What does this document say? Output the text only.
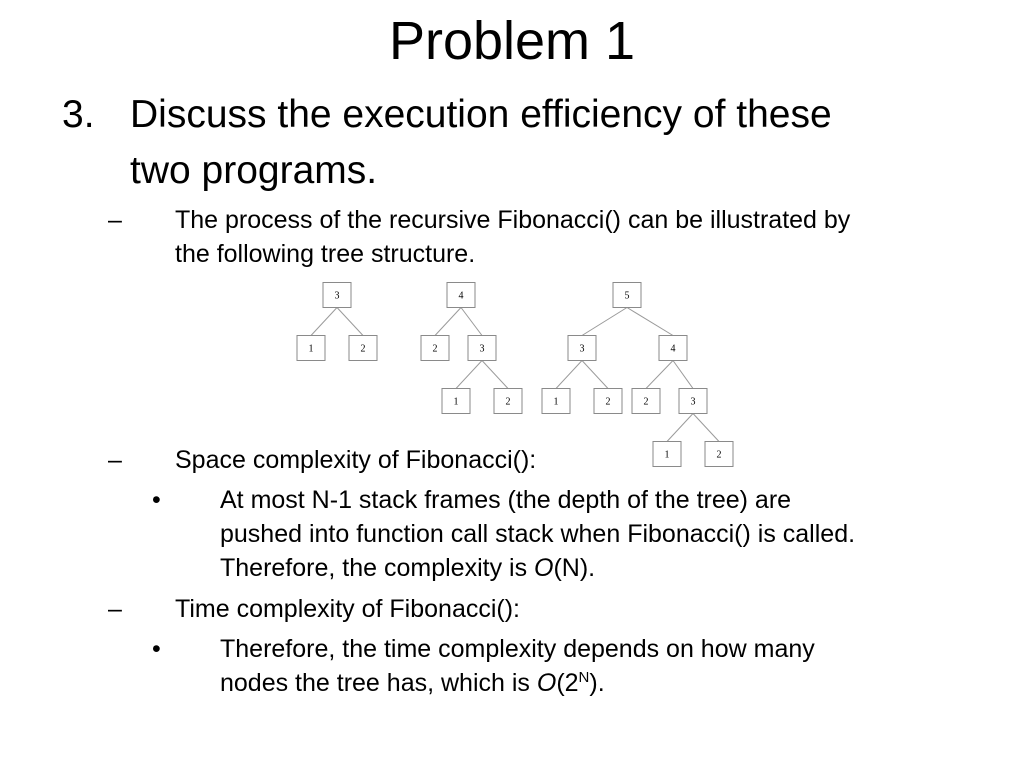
Problem 1
3. Discuss the execution efficiency of these
two programs.
– The process of the recursive Fibonacci() can be illustrated by
the following tree structure.
3
1	2
4
2	3
1	2
5
3	4
1	2	2	3
1	2
– Space complexity of Fibonacci():
• At most N-1 stack frames (the depth of the tree) are
pushed into function call stack when Fibonacci() is called.
Therefore, the complexity is O(N).
– Time complexity of Fibonacci():
• Therefore, the time complexity depends on how many
nodes the tree has, which is $O(2^N)$.
